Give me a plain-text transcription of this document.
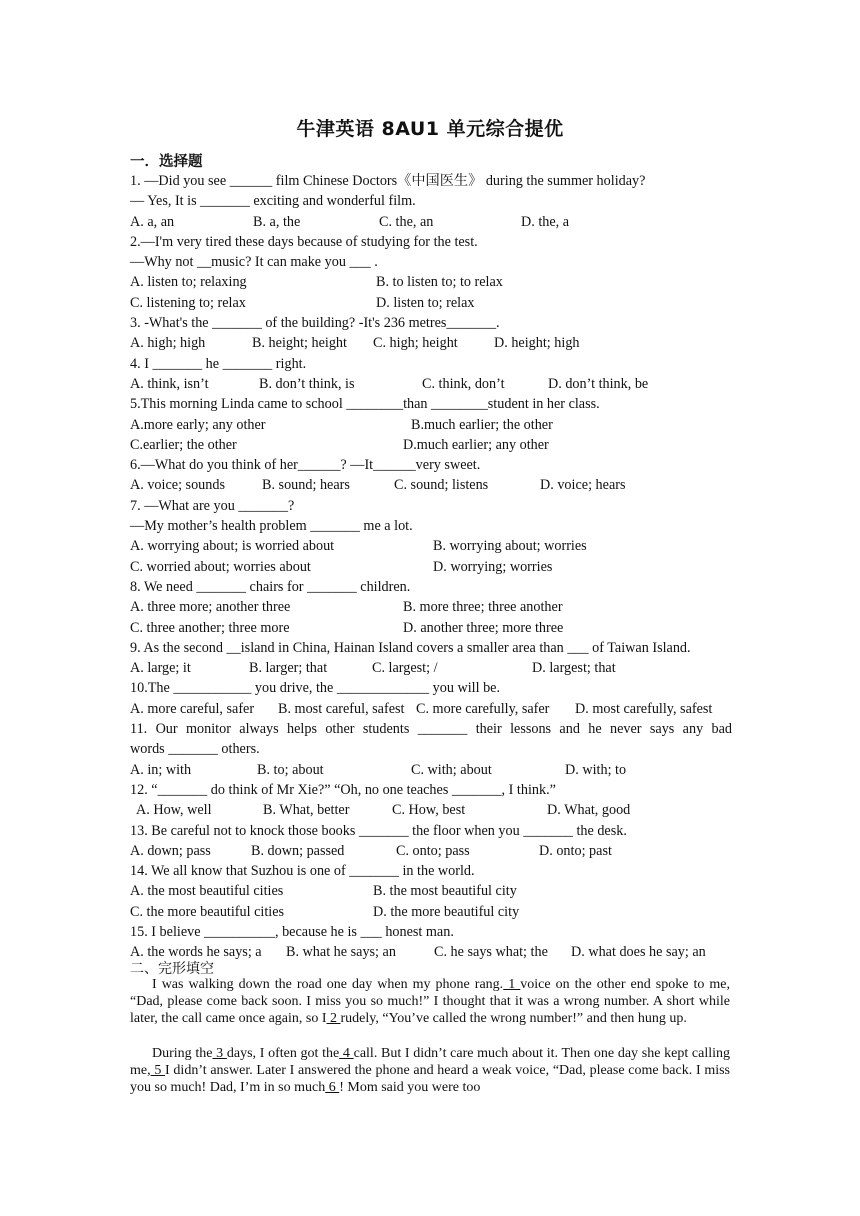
牛津英语 8AU1 单元综合提优
一．选择题
1. —Did you see ______ film Chinese Doctors《中国医生》 during the summer holiday?
— Yes, It is _______ exciting and wonderful film.
A. a, an	B. a, the	C. the, an	D. the, a
2.—I'm very tired these days because of studying for the test.
—Why not __music? It can make you ___ .
A. listen to; relaxing	B. to listen to; to relax
C. listening to; relax	D. listen to; relax
3. -What's the _______ of the building? -It's 236 metres_______.
A. high; high	B. height; height C. high; height	D. height; high
4. I _______ he _______ right.
A. think, isn’t	B. don’t think, is	C. think, don’t	D. don’t think, be
5.This morning Linda came to school ________than ________student in her class.
A.more early; any other	B.much earlier; the other
C.earlier; the other	D.much earlier; any other
6.—What do you think of her______? —It______very sweet.
A. voice; sounds	B. sound; hears	C. sound; listens	D. voice; hears
7. —What are you _______?
—My mother’s health problem _______ me a lot.
A. worrying about; is worried about	B. worrying about; worries
C. worried about; worries about	D. worrying; worries
8. We need _______ chairs for _______ children.
A. three more; another three	B. more three; three another
C. three another; three more	D. another three; more three
9. As the second __island in China, Hainan Island covers a smaller area than ___ of Taiwan Island.
A. large; it	B. larger; that	C. largest; /	D. largest; that
10.The ___________ you drive, the _____________ you will be.
A. more careful, safer B. most careful, safest C. more carefully, safer D. most carefully, safest
11. Our monitor always helps other students _______ their lessons and he never says any bad
words _______ others.
A. in; with	B. to; about	C. with; about	D. with; to
12. “_______ do think of Mr Xie?” “Oh, no one teaches _______, I think.”
A. How, well	B. What, better	C. How, best	D. What, good
13. Be careful not to knock those books _______ the floor when you _______ the desk.
A. down; pass	B. down; passed	C. onto; pass	D. onto; past
14. We all know that Suzhou is one of _______ in the world.
A. the most beautiful cities	B. the most beautiful city
C. the more beautiful cities	D. the more beautiful city
15. I believe __________, because he is ___ honest man.
A. the words he says; a B. what he says; an	C. he says what; the D. what does he say; an
二、完形填空
I was walking down the road one day when my phone rang. 1 voice on the other end spoke to me, “Dad, please come back soon. I miss you so much!” I thought that it was a wrong number. A short while later, the call came once again, so I 2 rudely, “You’ve called the wrong number!” and then hung up.
During the 3 days, I often got the 4 call. But I didn’t care much about it. Then one day she kept calling me, 5 I didn’t answer. Later I answered the phone and heard a weak voice, “Dad, please come back. I miss you so much! Dad, I’m in so much 6 ! Mom said you were too
